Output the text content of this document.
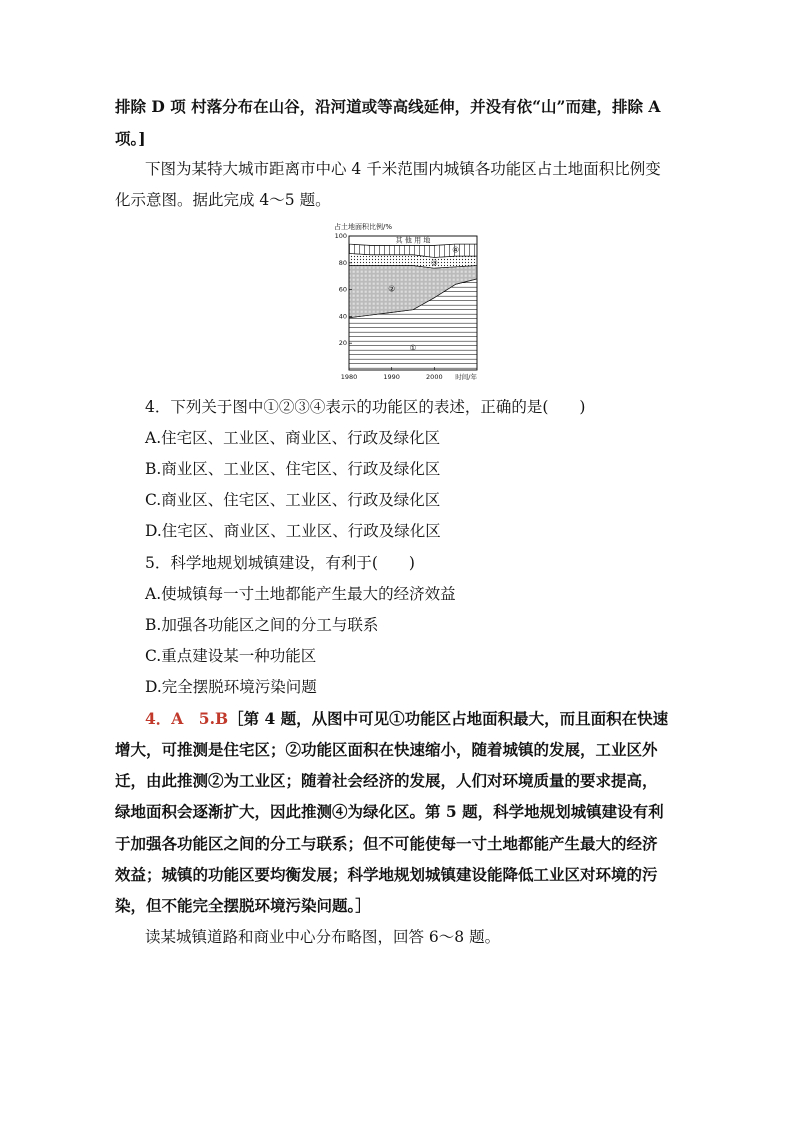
排除 D 项 村落分布在山谷，沿河道或等高线延伸，并没有依“山”而建，排除 A
项。]
下图为某特大城市距离市中心 4 千米范围内城镇各功能区占土地面积比例变
化示意图。据此完成 4～5 题。
占土地面积比例/%
①
②
③
④
其 他 用 地
20
40
60
80
100
1980	1990	2000 时间/年
4．下列关于图中①②③④表示的功能区的表述，正确的是(　　)
A.住宅区、工业区、商业区、行政及绿化区
B.商业区、工业区、住宅区、行政及绿化区
C.商业区、住宅区、工业区、行政及绿化区
D.住宅区、商业区、工业区、行政及绿化区
5．科学地规划城镇建设，有利于(　　)
A.使城镇每一寸土地都能产生最大的经济效益
B.加强各功能区之间的分工与联系
C.重点建设某一种功能区
D.完全摆脱环境污染问题
4．A　5.B［第 4 题，从图中可见①功能区占地面积最大，而且面积在快速
增大，可推测是住宅区；②功能区面积在快速缩小，随着城镇的发展，工业区外
迁，由此推测②为工业区；随着社会经济的发展，人们对环境质量的要求提高，
绿地面积会逐渐扩大，因此推测④为绿化区。第 5 题，科学地规划城镇建设有利
于加强各功能区之间的分工与联系；但不可能使每一寸土地都能产生最大的经济
效益；城镇的功能区要均衡发展；科学地规划城镇建设能降低工业区对环境的污
染，但不能完全摆脱环境污染问题。］
读某城镇道路和商业中心分布略图，回答 6～8 题。
